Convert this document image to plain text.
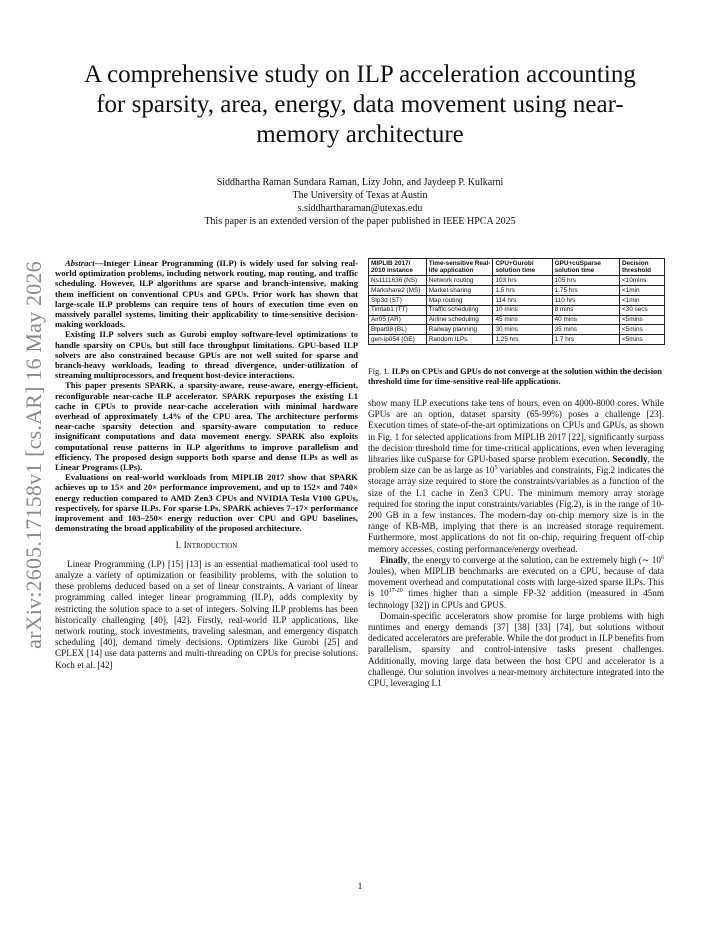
arXiv:2605.17158v1 [cs.AR] 16 May 2026
A comprehensive study on ILP acceleration accounting for sparsity, area, energy, data movement using near-memory architecture
Siddhartha Raman Sundara Raman, Lizy John, and Jaydeep P. Kulkarni
The University of Texas at Austin
s.siddhartharaman@utexas.edu
This paper is an extended version of the paper published in IEEE HPCA 2025

Abstract—Integer Linear Programming (ILP) is widely used for solving real-world optimization problems, including network routing, map routing, and traffic scheduling. However, ILP algorithms are sparse and branch-intensive, making them inefficient on conventional CPUs and GPUs. Prior work has shown that large-scale ILP problems can require tens of hours of execution time even on massively parallel systems, limiting their applicability to time-sensitive decision-making workloads.

Existing ILP solvers such as Gurobi employ software-level optimizations to handle sparsity on CPUs, but still face throughput limitations. GPU-based ILP solvers are also constrained because GPUs are not well suited for sparse and branch-heavy workloads, leading to thread divergence, under-utilization of streaming multiprocessors, and frequent host-device interactions.

This paper presents SPARK, a sparsity-aware, reuse-aware, energy-efficient, reconfigurable near-cache ILP accelerator. SPARK repurposes the existing L1 cache in CPUs to provide near-cache acceleration with minimal hardware overhead of approximately 1.4% of the CPU area. The architecture performs near-cache sparsity detection and sparsity-aware computation to reduce insignificant computations and data movement energy. SPARK also exploits computational reuse patterns in ILP algorithms to improve parallelism and efficiency. The proposed design supports both sparse and dense ILPs as well as Linear Programs (LPs).

Evaluations on real-world workloads from MIPLIB 2017 show that SPARK achieves up to 15× and 20× performance improvement, and up to 152× and 740× energy reduction compared to AMD Zen3 CPUs and NVIDIA Tesla V100 GPUs, respectively, for sparse ILPs. For sparse LPs, SPARK achieves 7–17× performance improvement and 103–250× energy reduction over CPU and GPU baselines, demonstrating the broad applicability of the proposed architecture.

I. Introduction

Linear Programming (LP) [15] [13] is an essential mathematical tool used to analyze a variety of optimization or feasibility problems, with the solution to these problems deduced based on a set of linear constraints. A variant of linear programming called integer linear programming (ILP), adds complexity by restricting the solution space to a set of integers. Solving ILP problems has been historically challenging [40], [42]. Firstly, real-world ILP applications, like network routing, stock investments, traveling salesman, and emergency dispatch scheduling [40], demand timely decisions. Optimizers like Gurobi [25] and CPLEX [14] use data patterns and multi-threading on CPUs for precise solutions. Koch et al. [42]

MIPLIB 2017/ 2010 instance	Time-sensitive Real-life application	CPU+Gurobi solution time	GPU+cuSparse solution time	Decision threshold
Ns1111636 (NS)	Network routing	103 hrs	105 hrs	<10mins
Markshare2 (MS)	Market sharing	1.5 hrs	1.75 hrs	<1min
Stp3d (ST)	Map routing	114 hrs	110 hrs	<1min
Timtab1 (TT)	Traffic scheduling	10 mins	8 mins	<30 secs
Air05 (AR)	Airline scheduling	45 mins	40 mins	<5mins
Blpar98 (BL)	Railway planning	30 mins	35 mins	<5mins
gen-ip054 (GE)	Random ILPs	1.25 hrs	1.7 hrs	<5mins
Fig. 1. ILPs on CPUs and GPUs do not converge at the solution within the decision threshold time for time-sensitive real-life applications.

show many ILP executions take tens of hours, even on 4000-8000 cores. While GPUs are an option, dataset sparsity (65-99%) poses a challenge [23]. Execution times of state-of-the-art optimizations on CPUs and GPUs, as shown in Fig. 1 for selected applications from MIPLIB 2017 [22], significantly surpass the decision threshold time for time-critical applications, even when leveraging libraries like cuSparse for GPU-based sparse problem execution. Secondly, the problem size can be as large as $10^5$ variables and constraints, Fig.2 indicates the storage array size required to store the constraints/variables as a function of the size of the L1 cache in Zen3 CPU. The minimum memory array storage required for storing the input constraints/variables (Fig.2), is in the range of 10-200 GB in a few instances. The modern-day on-chip memory size is in the range of KB-MB, implying that there is an increased storage requirement. Furthermore, most applications do not fit on-chip, requiring frequent off-chip memory accesses, costing performance/energy overhead.

Finally, the energy to converge at the solution, can be extremely high (∼ $10^6$ Joules), when MIPLIB benchmarks are executed on a CPU, because of data movement overhead and computational costs with large-sized sparse ILPs. This is 10$^{17-20}$ times higher than a simple FP-32 addition (measured in 45nm technology [32]) in CPUs and GPUS.

Domain-specific accelerators show promise for large problems with high runtimes and energy demands [37] [38] [33] [74], but solutions without dedicated accelerators are preferable. While the dot product in ILP benefits from parallelism, sparsity and control-intensive tasks present challenges. Additionally, moving large data between the host CPU and accelerator is a challenge. Our solution involves a near-memory architecture integrated into the CPU, leveraging L1

1
